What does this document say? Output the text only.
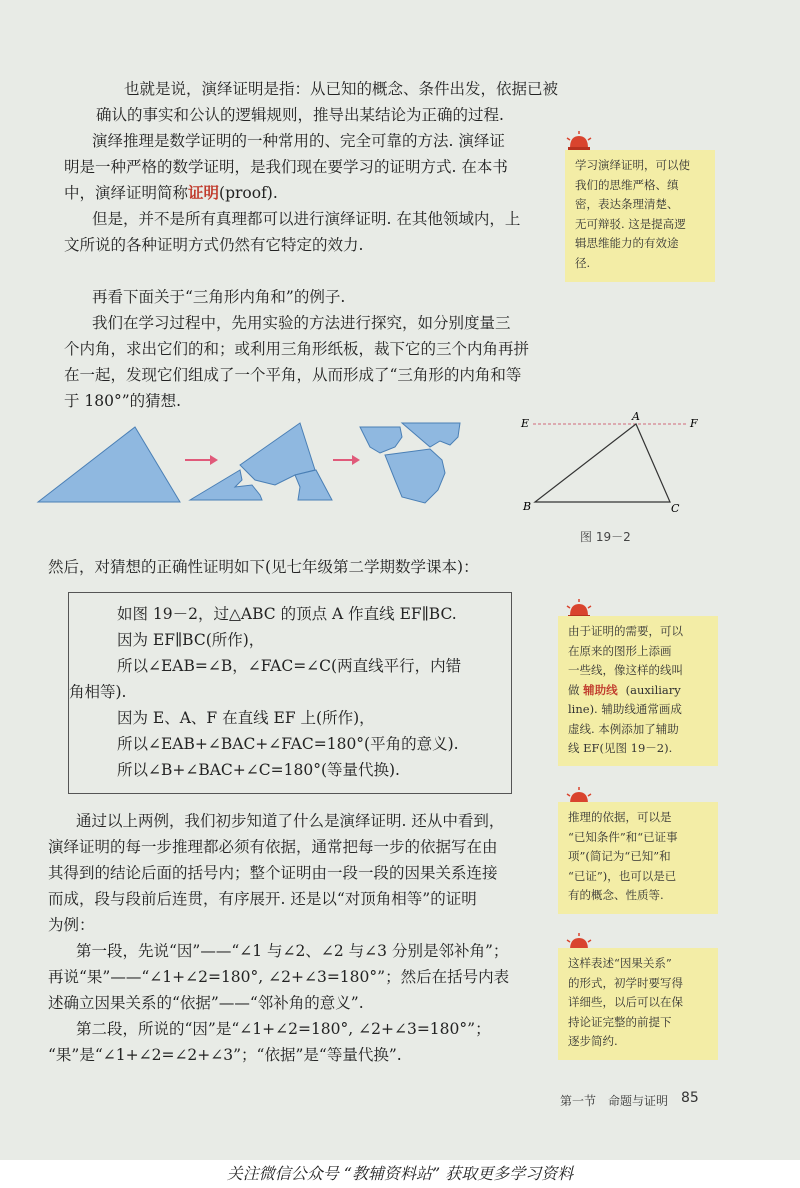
也就是说，演绎证明是指：从已知的概念、条件出发，依据已被
确认的事实和公认的逻辑规则，推导出某结论为正确的过程.
演绎推理是数学证明的一种常用的、完全可靠的方法. 演绎证
明是一种严格的数学证明，是我们现在要学习的证明方式. 在本书
中，演绎证明简称证明(proof).
但是，并不是所有真理都可以进行演绎证明. 在其他领域内，上
文所说的各种证明方式仍然有它特定的效力.
再看下面关于“三角形内角和”的例子.
我们在学习过程中，先用实验的方法进行探究，如分别度量三
个内角，求出它们的和；或利用三角形纸板，裁下它的三个内角再拼
在一起，发现它们组成了一个平角，从而形成了“三角形的内角和等
于 180°”的猜想.
E
A
F
B	C
图 19－2
然后，对猜想的正确性证明如下(见七年级第二学期数学课本)：
如图 19－2，过△ABC 的顶点 A 作直线 EF∥BC.
因为 EF∥BC(所作)，
所以∠EAB=∠B，∠FAC=∠C(两直线平行，内错
角相等).
因为 E、A、F 在直线 EF 上(所作)，
所以∠EAB+∠BAC+∠FAC=180°(平角的意义).
所以∠B+∠BAC+∠C=180°(等量代换).
通过以上两例，我们初步知道了什么是演绎证明. 还从中看到，
演绎证明的每一步推理都必须有依据，通常把每一步的依据写在由
其得到的结论后面的括号内；整个证明由一段一段的因果关系连接
而成，段与段前后连贯，有序展开. 还是以“对顶角相等”的证明
为例：
第一段，先说“因”——“∠1 与∠2、∠2 与∠3 分别是邻补角”；
再说“果”——“∠1+∠2=180°, ∠2+∠3=180°”；然后在括号内表
述确立因果关系的“依据”——“邻补角的意义”.
第二段，所说的“因”是“∠1+∠2=180°, ∠2+∠3=180°”；
“果”是“∠1+∠2=∠2+∠3”；“依据”是“等量代换”.
学习演绎证明，可以使
我们的思维严格、缜
密，表达条理清楚、
无可辩驳. 这是提高逻
辑思维能力的有效途
径.
由于证明的需要，可以
在原来的图形上添画
一些线，像这样的线叫
做 辅助线 (auxiliary
line). 辅助线通常画成
虚线. 本例添加了辅助
线 EF(见图 19－2).
推理的依据，可以是
“已知条件”和“已证事
项”(简记为“已知”和
“已证”)，也可以是已
有的概念、性质等.
这样表述“因果关系”
的形式，初学时要写得
详细些，以后可以在保
持论证完整的前提下
逐步简约.
第一节　命题与证明 85
关注微信公众号 “教辅资料站” 获取更多学习资料
